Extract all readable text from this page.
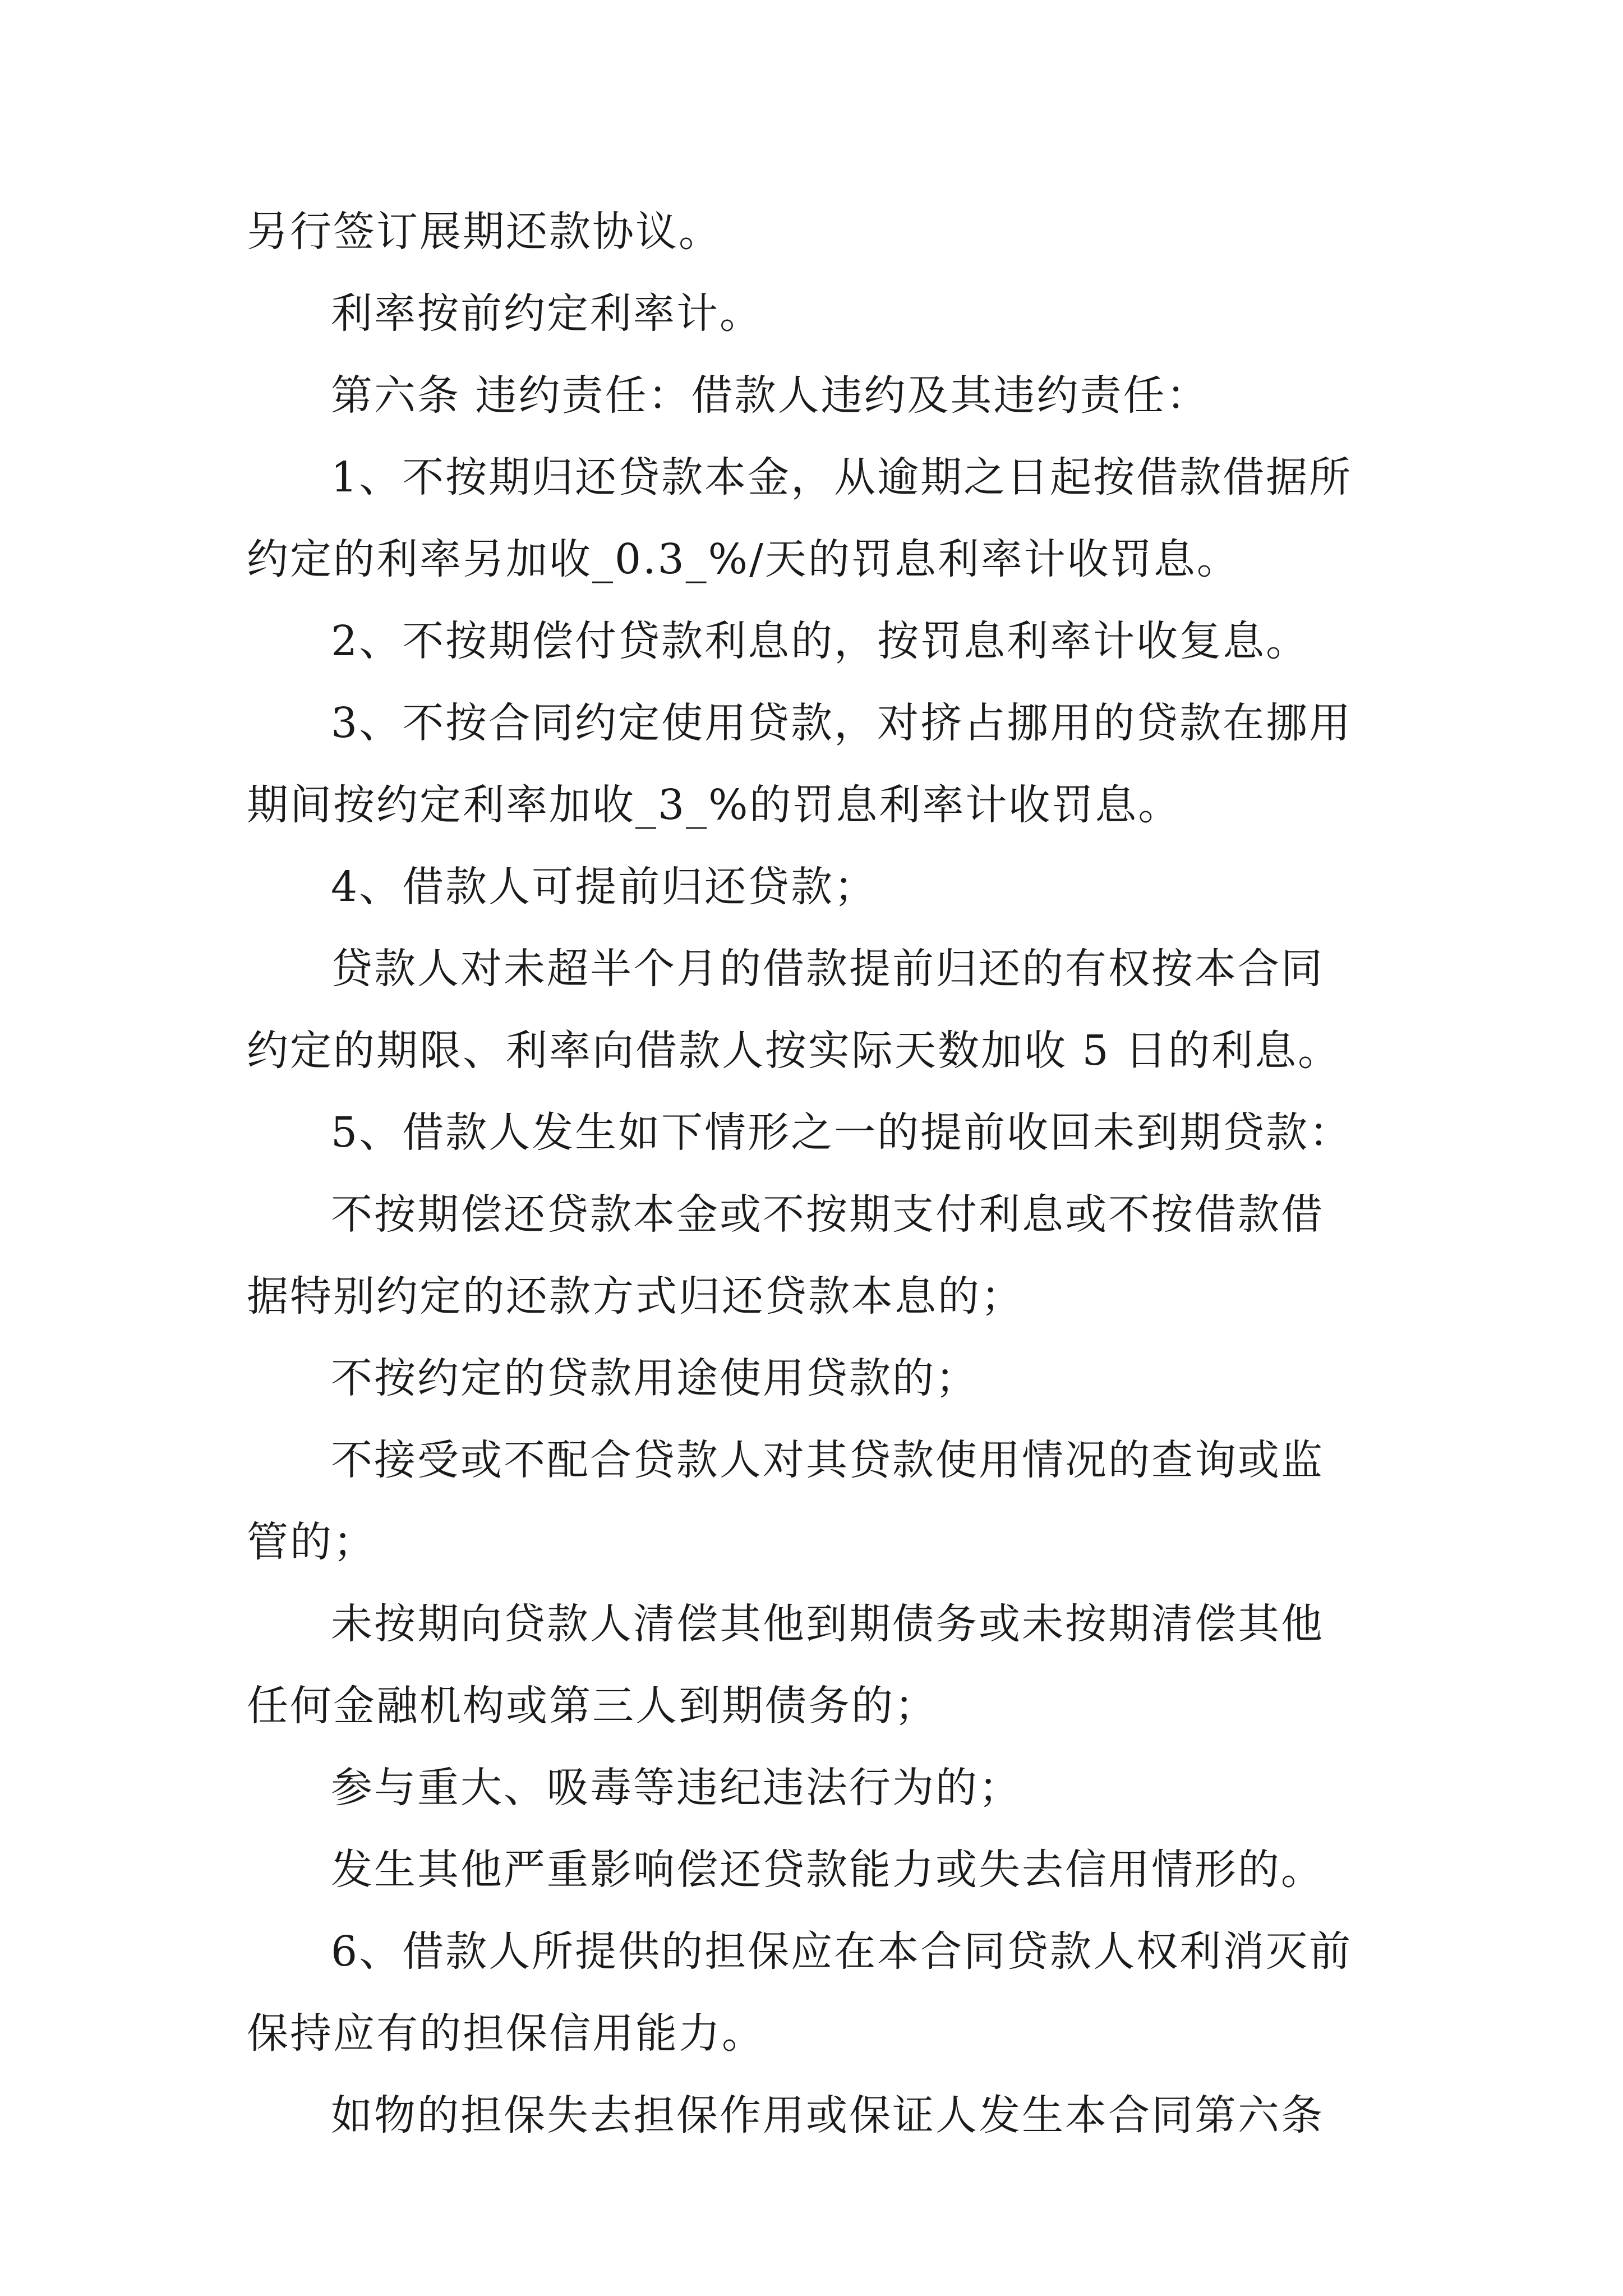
另行签订展期还款协议。
利率按前约定利率计。
第六条 违约责任：借款人违约及其违约责任：
1、不按期归还贷款本金，从逾期之日起按借款借据所
约定的利率另加收_0.3_%/天的罚息利率计收罚息。
2、不按期偿付贷款利息的，按罚息利率计收复息。
3、不按合同约定使用贷款，对挤占挪用的贷款在挪用
期间按约定利率加收_3_%的罚息利率计收罚息。
4、借款人可提前归还贷款；
贷款人对未超半个月的借款提前归还的有权按本合同
约定的期限、利率向借款人按实际天数加收 5 日的利息。
5、借款人发生如下情形之一的提前收回未到期贷款：
不按期偿还贷款本金或不按期支付利息或不按借款借
据特别约定的还款方式归还贷款本息的；
不按约定的贷款用途使用贷款的；
不接受或不配合贷款人对其贷款使用情况的查询或监
管的；
未按期向贷款人清偿其他到期债务或未按期清偿其他
任何金融机构或第三人到期债务的；
参与重大、吸毒等违纪违法行为的；
发生其他严重影响偿还贷款能力或失去信用情形的。
6、借款人所提供的担保应在本合同贷款人权利消灭前
保持应有的担保信用能力。
如物的担保失去担保作用或保证人发生本合同第六条
